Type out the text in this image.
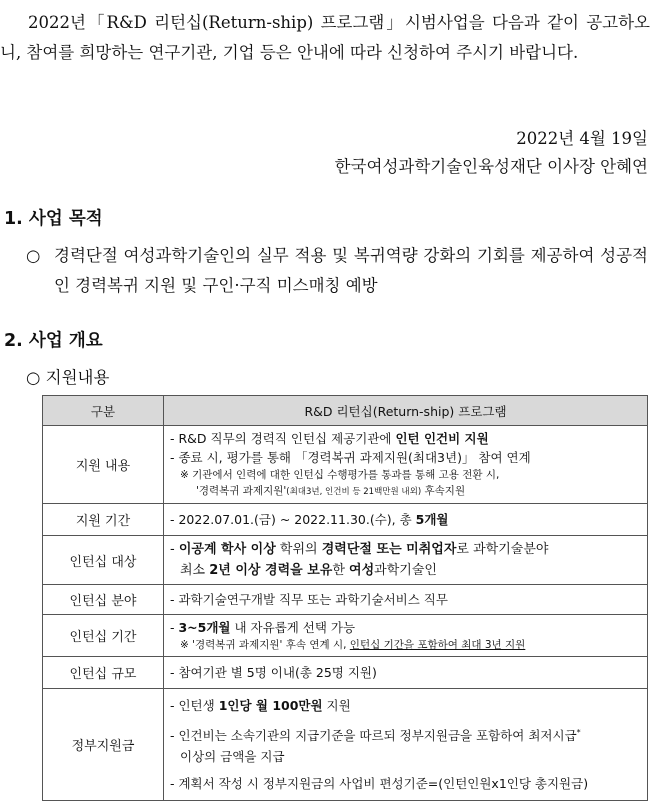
2022년「R&D 리턴십(Return-ship) 프로그램」시범사업을 다음과 같이 공고하오니, 참여를 희망하는 연구기관, 기업 등은 안내에 따라 신청하여 주시기 바랍니다.

2022년 4월 19일
한국여성과학기술인육성재단 이사장 안혜연
1. 사업 목적
○ 경력단절 여성과학기술인의 실무 적용 및 복귀역량 강화의 기회를 제공하여 성공적인 경력복귀 지원 및 구인·구직 미스매칭 예방
2. 사업 개요
○ 지원내용
구분	R&D 리턴십(Return-ship) 프로그램
지원 내용	- R&D 직무의 경력직 인턴십 제공기관에 인턴 인건비 지원
- 종료 시, 평가를 통해 「경력복귀 과제지원(최대3년)」 참여 연계
※ 기관에서 인력에 대한 인턴십 수행평가를 통과를 통해 고용 전환 시,
'경력복귀 과제지원'(최대3년, 인건비 등 21백만원 내외) 후속지원

지원 기간	- 2022.07.01.(금) ~ 2022.11.30.(수), 총 5개월
인턴십 대상	- 이공계 학사 이상 학위의 경력단절 또는 미취업자로 과학기술분야
최소 2년 이상 경력을 보유한 여성과학기술인

인턴십 분야	- 과학기술연구개발 직무 또는 과학기술서비스 직무
인턴십 기간	- 3~5개월 내 자유롭게 선택 가능
※ '경력복귀 과제지원' 후속 연계 시, 인턴십 기간을 포함하여 최대 3년 지원

인턴십 규모	- 참여기관 별 5명 이내(총 25명 지원)
정부지원금	- 인턴생 1인당 월 100만원 지원
- 인건비는 소속기관의 지급기준을 따르되 정부지원금을 포함하여 최저시급*
이상의 금액을 지급
- 계획서 작성 시 정부지원금의 사업비 편성기준=(인턴인원x1인당 총지원금)
